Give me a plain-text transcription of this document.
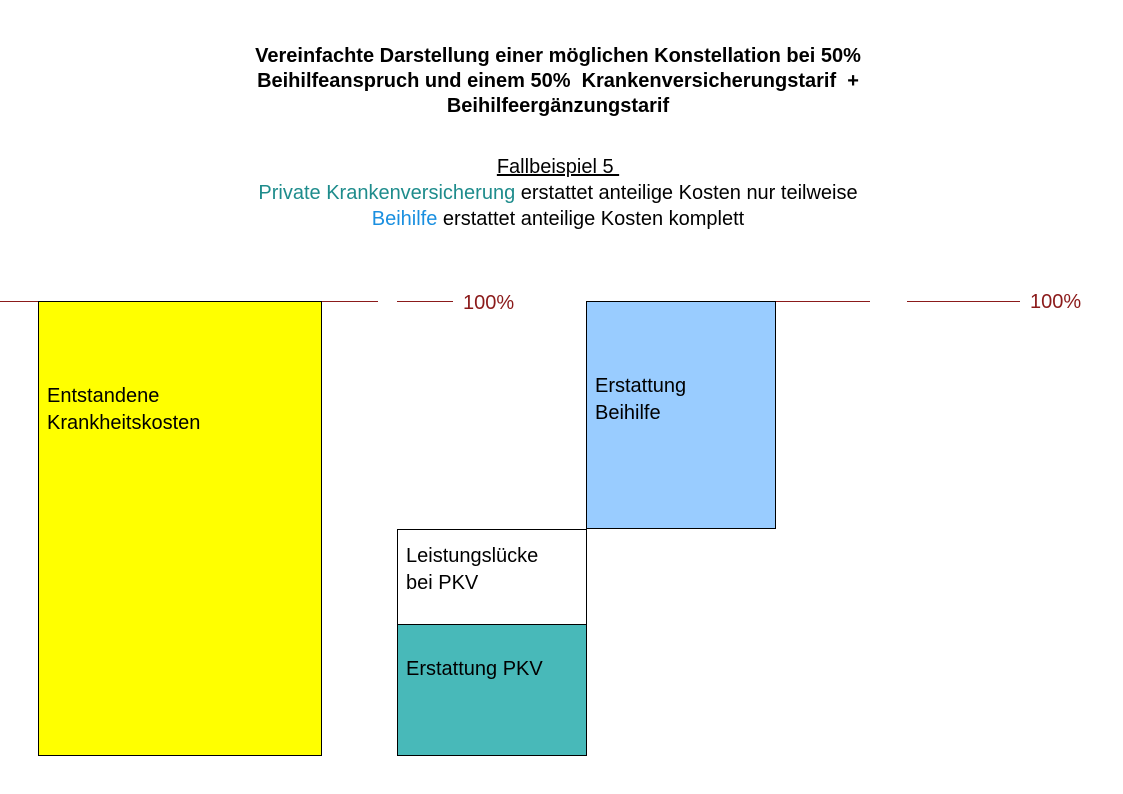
Vereinfachte Darstellung einer möglichen Konstellation bei 50%
Beihilfeanspruch und einem 50%  Krankenversicherungstarif  +
Beihilfeergänzungstarif
Fallbeispiel 5
Private Krankenversicherung erstattet anteilige Kosten nur teilweise
Beihilfe erstattet anteilige Kosten komplett
100%	100%
Entstandene
Krankheitskosten
Leistungslücke
bei PKV
Erstattung PKV
Erstattung
Beihilfe
